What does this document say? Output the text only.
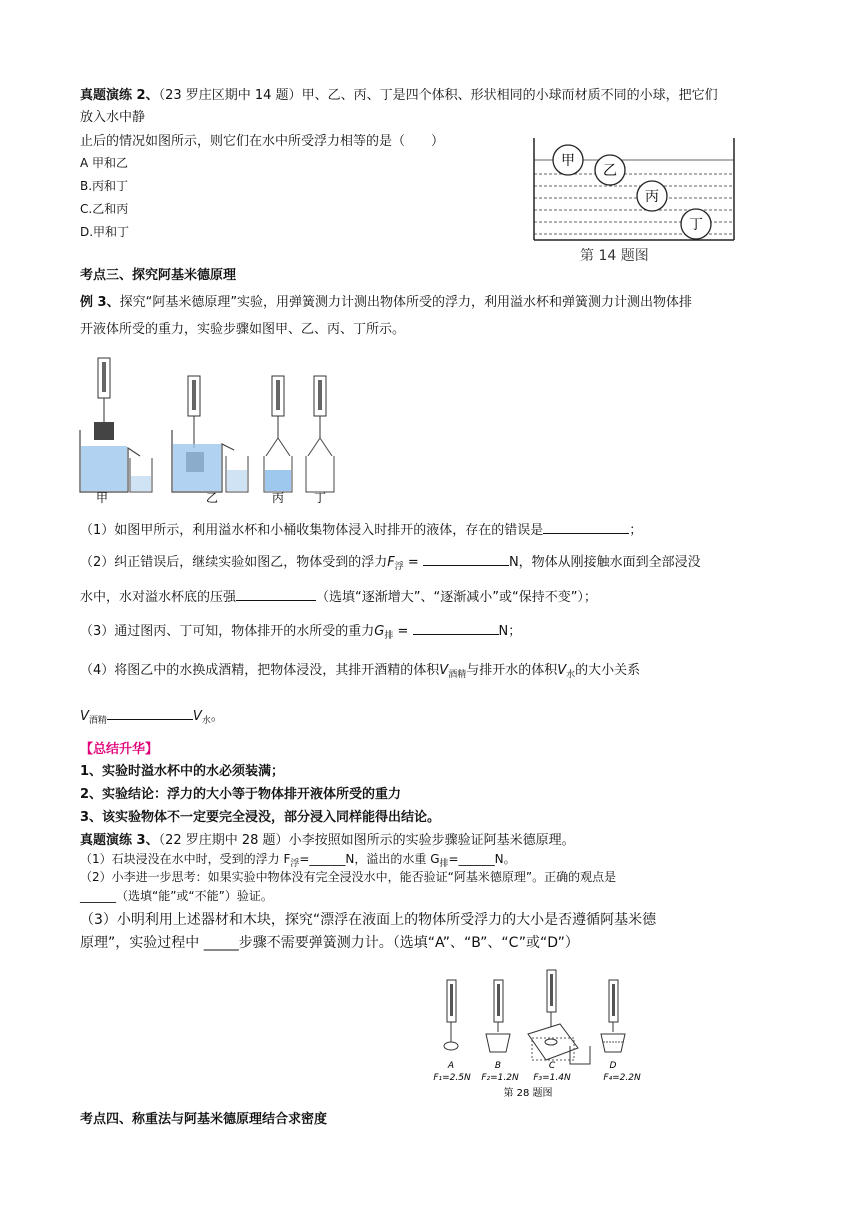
真题演练 2、（23 罗庄区期中 14 题）甲、乙、丙、丁是四个体积、形状相同的小球而材质不同的小球，把它们
放入水中静
止后的情况如图所示，则它们在水中所受浮力相等的是（　　）
A 甲和乙
B.丙和丁
C.乙和丙
D.甲和丁
甲
乙
丙
丁
第 14 题图
考点三、探究阿基米德原理
例 3、探究“阿基米德原理”实验，用弹簧测力计测出物体所受的浮力，利用溢水杯和弹簧测力计测出物体排
开液体所受的重力，实验步骤如图甲、乙、丙、丁所示。
甲	乙	丙 丁
（1）如图甲所示，利用溢水杯和小桶收集物体浸入时排开的液体，存在的错误是	；
（2）纠正错误后，继续实验如图乙，物体受到的浮力$F_浮$ =	N，物体从刚接触水面到全部浸没
水中，水对溢水杯底的压强	（选填“逐渐增大”、“逐渐减小”或“保持不变”）；
（3）通过图丙、丁可知，物体排开的水所受的重力$G_排$ =	N；
（4）将图乙中的水换成酒精，把物体浸没，其排开酒精的体积$V_{酒精}$与排开水的体积$V_水$的大小关系
$V_{酒精}$	$V_水$。
【总结升华】
1、实验时溢水杯中的水必须装满；
2、实验结论：浮力的大小等于物体排开液体所受的重力
3、该实验物体不一定要完全浸没，部分浸入同样能得出结论。
真题演练 3、（22 罗庄期中 28 题）小李按照如图所示的实验步骤验证阿基米德原理。
（1）石块浸没在水中时，受到的浮力 $F_浮=\_\_\_\_\_\_N$，溢出的水重 $G_排=\_\_\_\_\_\_N$。
（2）小李进一步思考：如果实验中物体没有完全浸没水中，能否验证“阿基米德原理”。正确的观点是
______（选填“能”或“不能”）验证。
（3）小明利用上述器材和木块，探究“漂浮在液面上的物体所受浮力的大小是否遵循阿基米德
原理”，实验过程中 _____步骤不需要弹簧测力计。（选填“A”、“B”、“C”或“D”）
A	B	C	D
F₁=2.5N F₂=1.2N F₃=1.4N	F₄=2.2N
第 28 题图
考点四、称重法与阿基米德原理结合求密度
